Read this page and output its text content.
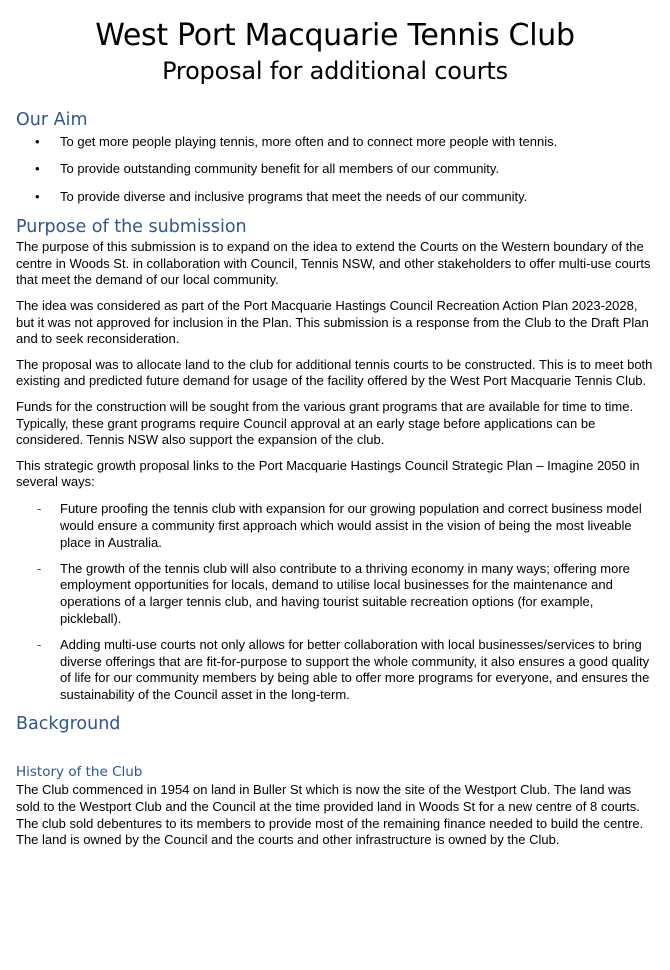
West Port Macquarie Tennis Club
Proposal for additional courts
Our Aim
• To get more people playing tennis, more often and to connect more people with tennis.
• To provide outstanding community benefit for all members of our community.
• To provide diverse and inclusive programs that meet the needs of our community.
Purpose of the submission

The purpose of this submission is to expand on the idea to extend the Courts on the Western boundary of the centre in Woods St. in collaboration with Council, Tennis NSW, and other stakeholders to offer multi-use courts that meet the demand of our local community.

The idea was considered as part of the Port Macquarie Hastings Council Recreation Action Plan 2023-2028, but it was not approved for inclusion in the Plan. This submission is a response from the Club to the Draft Plan and to seek reconsideration.

The proposal was to allocate land to the club for additional tennis courts to be constructed. This is to meet both existing and predicted future demand for usage of the facility offered by the West Port Macquarie Tennis Club.

Funds for the construction will be sought from the various grant programs that are available for time to time. Typically, these grant programs require Council approval at an early stage before applications can be considered. Tennis NSW also support the expansion of the club.

This strategic growth proposal links to the Port Macquarie Hastings Council Strategic Plan – Imagine 2050 in several ways:

- Future proofing the tennis club with expansion for our growing population and correct business model would ensure a community first approach which would assist in the vision of being the most liveable place in Australia.
- The growth of the tennis club will also contribute to a thriving economy in many ways; offering more employment opportunities for locals, demand to utilise local businesses for the maintenance and operations of a larger tennis club, and having tourist suitable recreation options (for example, pickleball).
- Adding multi-use courts not only allows for better collaboration with local businesses/services to bring diverse offerings that are fit-for-purpose to support the whole community, it also ensures a good quality of life for our community members by being able to offer more programs for everyone, and ensures the sustainability of the Council asset in the long-term.
Background
History of the Club

The Club commenced in 1954 on land in Buller St which is now the site of the Westport Club. The land was sold to the Westport Club and the Council at the time provided land in Woods St for a new centre of 8 courts. The club sold debentures to its members to provide most of the remaining finance needed to build the centre. The land is owned by the Council and the courts and other infrastructure is owned by the Club.
